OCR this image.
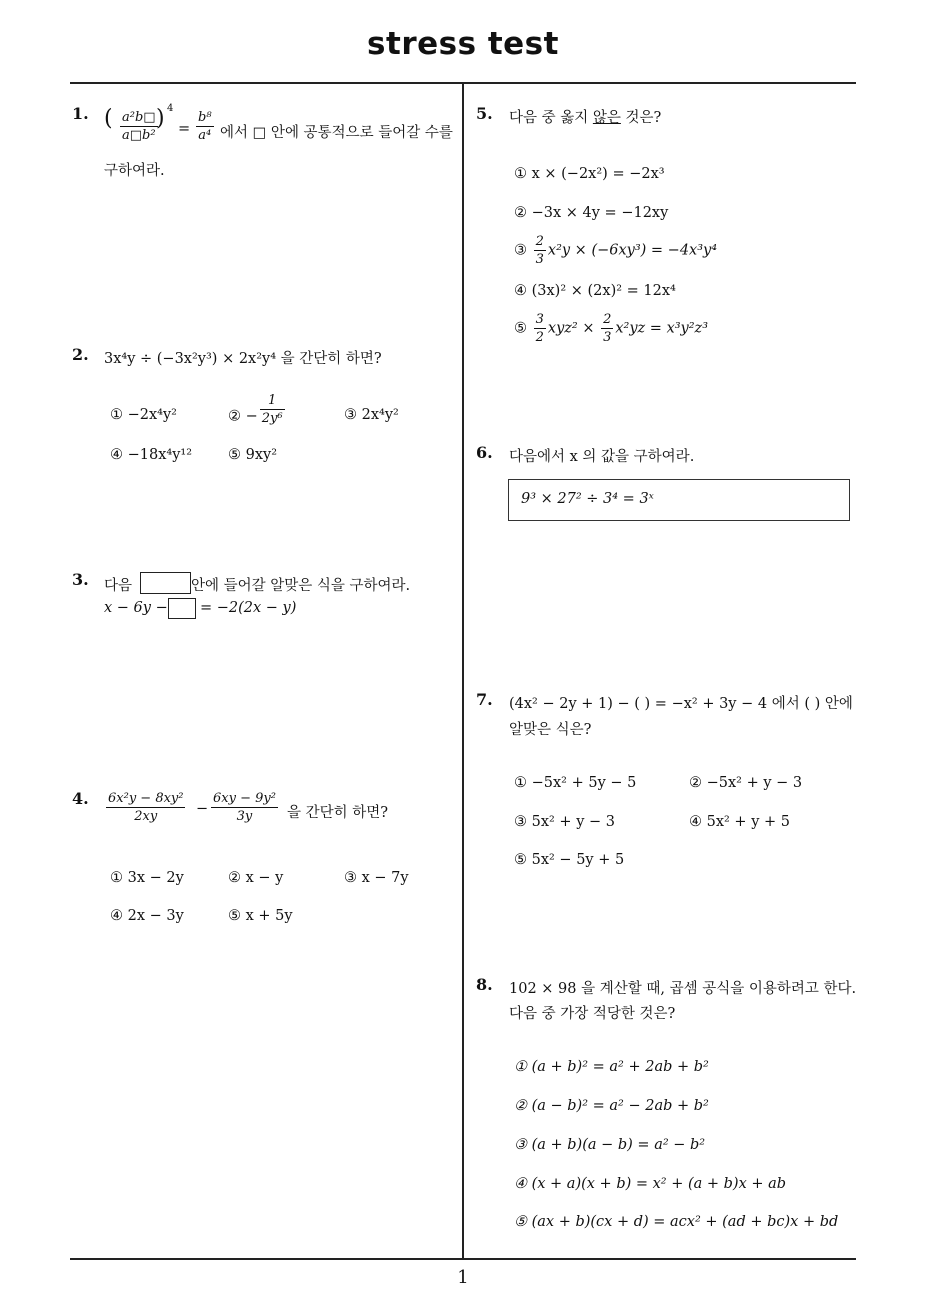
stress test
1
1. ( $\frac{\text{a²b□}}{\text{a□b²}}$
) 4
= $\frac{\text{b⁸}}{\text{a⁴}}$ 에서 □ 안에 공통적으로 들어갈 수를
구하여라.
2. 3x⁴y ÷ (−3x²y³) × 2x²y⁴ 을 간단히 하면?
① −2x⁴y²	② − $\frac{1}{\text{2y⁶}}$	③ 2x⁴y²
④ −18x⁴y¹² ⑤ 9xy²
3. 다음	안에 들어갈 알맞은 식을 구하여라.
x − 6y − = −2(2x − y)
4. $\frac{\text{6x²y − 8xy²}}{2xy} - \frac{\text{6xy − 9y²}}{3y}$ 을 간단히 하면?
① 3x − 2y	② x − y	③ x − 7y
④ 2x − 3y	⑤ x + 5y
5. 다음 중 옳지 않은 것은?
① x × (−2x²) = −2x³
② −3x × 4y = −12xy
③ $\frac{2}{3} x^2y \times (-6xy^3) = -4x^3y^4$
④ (3x)² × (2x)² = 12x⁴
⑤ $\frac{3}{2} xyz^2 \times \frac{2}{3} x^2yz = x^3y^2z^3$
6. 다음에서 x 의 값을 구하여라.
9³ × 27² ÷ 3⁴ = 3ˣ
7. (4x² − 2y + 1) − ( ) = −x² + 3y − 4 에서 ( ) 안에
알맞은 식은?
① −5x² + 5y − 5	② −5x² + y − 3
③ 5x² + y − 3	④ 5x² + y + 5
⑤ 5x² − 5y + 5
8. 102 × 98 을 계산할 때, 곱셈 공식을 이용하려고 한다.
다음 중 가장 적당한 것은?
① (a + b)² = a² + 2ab + b²
② (a − b)² = a² − 2ab + b²
③ (a + b)(a − b) = a² − b²
④ (x + a)(x + b) = x² + (a + b)x + ab
⑤ (ax + b)(cx + d) = acx² + (ad + bc)x + bd
